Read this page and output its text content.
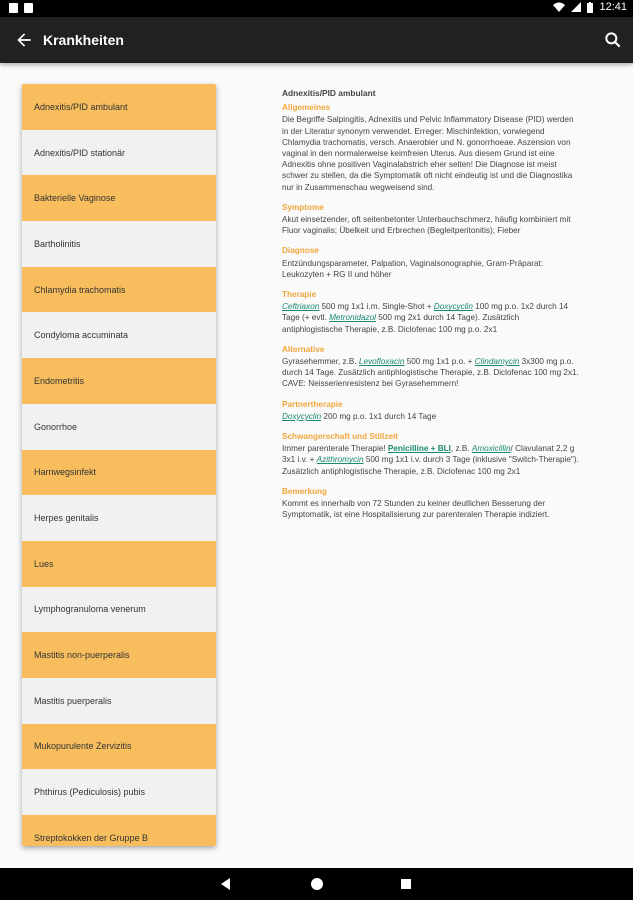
12:41
Krankheiten
Adnexitis/PID ambulant
Adnexitis/PID stationär
Bakterielle Vaginose
Bartholinitis
Chlamydia trachomatis
Condyloma accuminata
Endometritis
Gonorrhoe
Harnwegsinfekt
Herpes genitalis
Lues
Lymphogranuloma venerum
Mastitis non-puerperalis
Mastitis puerperalis
Mukopurulente Zervizitis
Phthirus (Pediculosis) pubis
Streptokokken der Gruppe B
Adnexitis/PID ambulant
Allgemeines

Die Begriffe Salpingitis, Adnexitis und Pelvic Inflammatory Disease (PID) werden in der Literatur synonym verwendet. Erreger: Mischinfektion, vorwiegend Chlamydia trachomatis, versch. Anaerobier und N. gonorrhoeae. Aszension von vaginal in den normalerweise keimfreien Uterus. Aus diesem Grund ist eine Adnexitis ohne positiven Vaginalabstrich eher selten! Die Diagnose ist meist schwer zu stellen, da die Symptomatik oft nicht eindeutig ist und die Diagnostika nur in Zusammenschau wegweisend sind.

Symptome

Akut einsetzender, oft seitenbetonter Unterbauchschmerz, häufig kombiniert mit Fluor vaginalis; Übelkeit und Erbrechen (Begleitperitonitis); Fieber

Diagnose

Entzündungsparameter, Palpation, Vaginalsonographie, Gram-Präparat: Leukozyten + RG II und höher

Therapie

Ceftriaxon 500 mg 1x1 i.m. Single-Shot + Doxycyclin 100 mg p.o. 1x2 durch 14 Tage (+ evtl. Metronidazol 500 mg 2x1 durch 14 Tage). Zusätzlich antiphlogistische Therapie, z.B. Diclofenac 100 mg p.o. 2x1

Alternative

Gyrasehemmer, z.B. Levofloxacin 500 mg 1x1 p.o. + Clindamycin 3x300 mg p.o. durch 14 Tage. Zusätzlich antiphlogistische Therapie, z.B. Diclofenac 100 mg 2x1. CAVE: Neisserienresistenz bei Gyrasehemmern!

Partnertherapie

Doxycyclin 200 mg p.o. 1x1 durch 14 Tage

Schwangerschaft und Stillzeit

Immer parenterale Therapie! Penicilline + BLI, z.B. Amoxicillin/ Clavulanat 2,2 g 3x1 i.v. + Azithromycin 500 mg 1x1 i.v. durch 3 Tage (inklusive "Switch-Therapie"). Zusätzlich antiphlogistische Therapie, z.B. Diclofenac 100 mg 2x1

Bemerkung

Kommt es innerhalb von 72 Stunden zu keiner deutlichen Besserung der Symptomatik, ist eine Hospitalisierung zur parenteralen Therapie indiziert.
